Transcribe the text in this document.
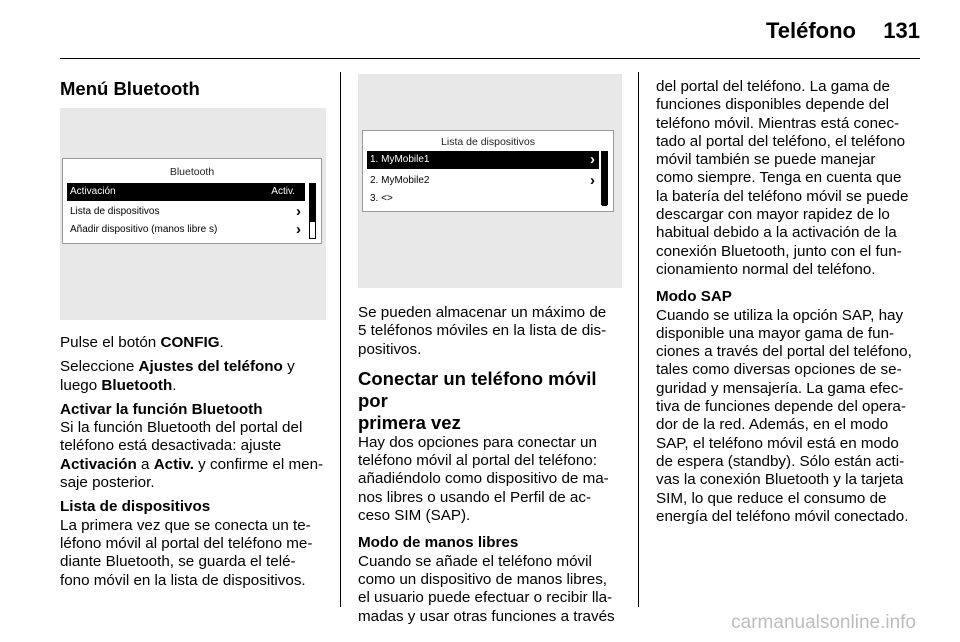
Teléfono 131

Menú Bluetooth

Bluetooth
Activación	Activ.
Lista de dispositivos	›
Añadir dispositivo (manos libre s)	›

Pulse el botón CONFIG.

Seleccione Ajustes del teléfono y

luego Bluetooth.

Activar la función Bluetooth

Si la función Bluetooth del portal del

teléfono está desactivada: ajuste

Activación a Activ. y confirme el men‐

saje posterior.

Lista de dispositivos

La primera vez que se conecta un te‐

léfono móvil al portal del teléfono me‐

diante Bluetooth, se guarda el telé‐

fono móvil en la lista de dispositivos.

Lista de dispositivos
1. MyMobile1	›
2. MyMobile2	›
3. <>

Se pueden almacenar un máximo de

5 teléfonos móviles en la lista de dis‐

positivos.

Conectar un teléfono móvil por

primera vez

Hay dos opciones para conectar un

teléfono móvil al portal del teléfono:

añadiéndolo como dispositivo de ma‐

nos libres o usando el Perfil de ac‐

ceso SIM (SAP).

Modo de manos libres

Cuando se añade el teléfono móvil

como un dispositivo de manos libres,

el usuario puede efectuar o recibir lla‐

madas y usar otras funciones a través

del portal del teléfono. La gama de

funciones disponibles depende del

teléfono móvil. Mientras está conec‐

tado al portal del teléfono, el teléfono

móvil también se puede manejar

como siempre. Tenga en cuenta que

la batería del teléfono móvil se puede

descargar con mayor rapidez de lo

habitual debido a la activación de la

conexión Bluetooth, junto con el fun‐

cionamiento normal del teléfono.

Modo SAP

Cuando se utiliza la opción SAP, hay

disponible una mayor gama de fun‐

ciones a través del portal del teléfono,

tales como diversas opciones de se‐

guridad y mensajería. La gama efec‐

tiva de funciones depende del opera‐

dor de la red. Además, en el modo

SAP, el teléfono móvil está en modo

de espera (standby). Sólo están acti‐

vas la conexión Bluetooth y la tarjeta

SIM, lo que reduce el consumo de

energía del teléfono móvil conectado.

carmanualsonline.info
